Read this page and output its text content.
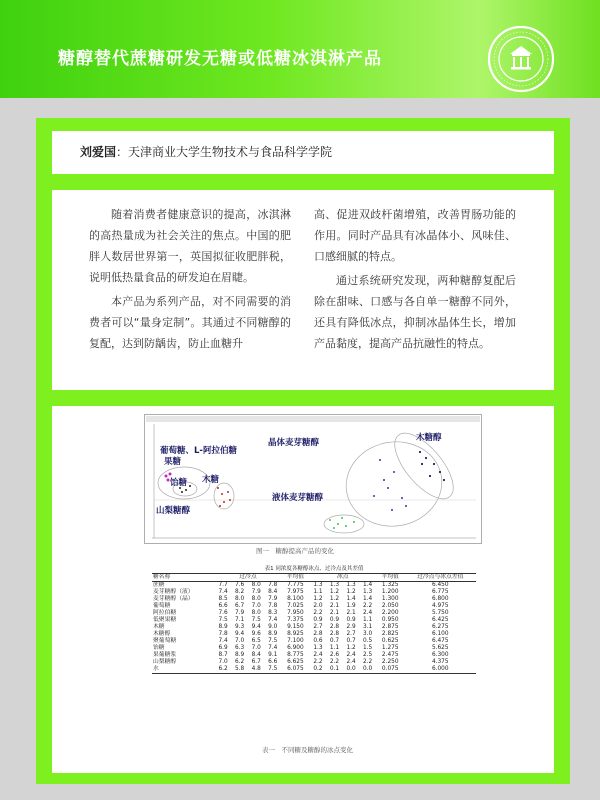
糖醇替代蔗糖研发无糖或低糖冰淇淋产品
刘爱国：天津商业大学生物技术与食品科学学院

随着消费者健康意识的提高，冰淇淋的高热量成为社会关注的焦点。中国的肥胖人数居世界第一，英国拟征收肥胖税，说明低热量食品的研发迫在眉睫。

本产品为系列产品，对不同需要的消费者可以“量身定制”。其通过不同糖醇的复配，达到防龋齿，防止血糖升

高、促进双歧杆菌增殖，改善胃肠功能的作用。同时产品具有冰晶体小、风味佳、口感细腻的特点。

通过系统研究发现，两种糖醇复配后除在甜味、口感与各自单一糖醇不同外，还具有降低冰点，抑制冰晶体生长，增加产品黏度，提高产品抗融性的特点。

葡萄糖、L-阿拉伯糖
果糖
饴糖 木糖
山梨糖醇
晶体麦芽糖醇
液体麦芽糖醇
木糖醇
图一　糖醇提高产品的变化
表1 同浓度各糖醇冰点、过冷点及其差值											
糖名称	过冷点				平均值	冰点				平均值	过冷点与冰点差值
蔗糖	7.7	7.6	8.0	7.8	7.775	1.3	1.3	1.3	1.4	1.325	6.450
麦芽糖醇（液）	7.4	8.2	7.9	8.4	7.975	1.1	1.2	1.2	1.3	1.200	6.775
麦芽糖醇（晶）	8.5	8.0	8.0	7.9	8.100	1.2	1.2	1.4	1.4	1.300	6.800
葡萄糖	6.6	6.7	7.0	7.8	7.025	2.0	2.1	1.9	2.2	2.050	4.975
阿拉伯糖	7.6	7.9	8.0	8.3	7.950	2.2	2.1	2.1	2.4	2.200	5.750
低聚果糖	7.5	7.1	7.5	7.4	7.375	0.9	0.9	0.9	1.1	0.950	6.425
木糖	8.9	9.3	9.4	9.0	9.150	2.7	2.8	2.9	3.1	2.875	6.275
木糖醇	7.8	9.4	9.6	8.9	8.925	2.8	2.8	2.7	3.0	2.825	6.100
聚葡萄糖	7.4	7.0	6.5	7.5	7.100	0.6	0.7	0.7	0.5	0.625	6.475
饴糖	6.9	6.3	7.0	7.4	6.900	1.3	1.1	1.2	1.5	1.275	5.625
果葡糖浆	8.7	8.9	8.4	9.1	8.775	2.4	2.6	2.4	2.5	2.475	6.300
山梨糖醇	7.0	6.2	6.7	6.6	6.625	2.2	2.2	2.4	2.2	2.250	4.375
水	6.2	5.8	4.8	7.5	6.075	0.2	0.1	0.0	0.0	0.075	6.000
表一　不同糖及糖醇的冰点变化 生物技术与食品科学学院
